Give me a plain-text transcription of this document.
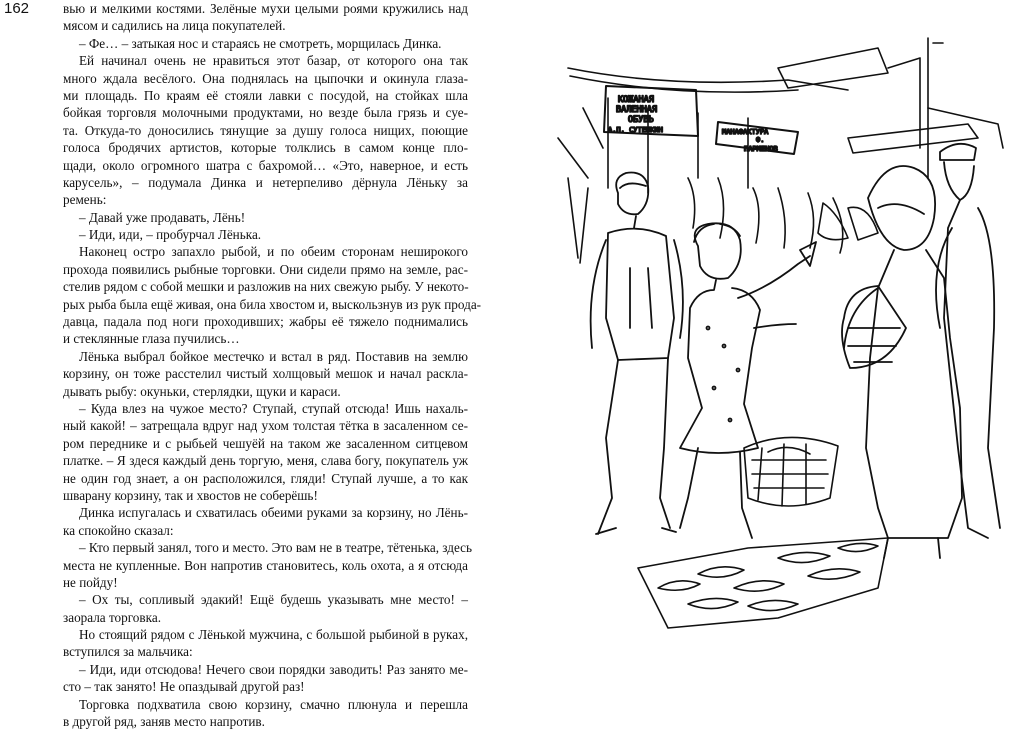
162	вью и мелкими костями. Зелёные мухи целыми роями кружились над
мясом и садились на лица покупателей.
– Фе… – затыкая нос и стараясь не смотреть, морщилась Динка.
Ей начинал очень не нравиться этот базар, от которого она так
много ждала весёлого. Она поднялась на цыпочки и окинула глаза-
ми площадь. По краям её стояли лавки с посудой, на стойках шла
бойкая торговля молочными продуктами, но везде была грязь и суе-
та. Откуда-то доносились тянущие за душу голоса нищих, поющие
голоса бродячих артистов, которые толклись в самом конце пло-
щади, около огромного шатра с бахромой… «Это, наверное, и есть
карусель», – подумала Динка и нетерпеливо дёрнула Лёньку за
ремень:
– Давай уже продавать, Лёнь!
– Иди, иди, – пробурчал Лёнька.
Наконец остро запахло рыбой, и по обеим сторонам неширокого
прохода появились рыбные торговки. Они сидели прямо на земле, рас-
стелив рядом с собой мешки и разложив на них свежую рыбу. У некото-
рых рыба была ещё живая, она била хвостом и, выскользнув из рук прода-
давца, падала под ноги проходивших; жабры её тяжело поднимались
и стеклянные глаза пучились…
Лёнька выбрал бойкое местечко и встал в ряд. Поставив на землю
корзину, он тоже расстелил чистый холщовый мешок и начал раскла-
дывать рыбу: окуньки, стерлядки, щуки и караси.
– Куда влез на чужое место? Ступай, ступай отсюда! Ишь нахаль-
ный какой! – затрещала вдруг над ухом толстая тётка в засаленном се-
ром переднике и с рыбьей чешуёй на таком же засаленном ситцевом
платке. – Я здеся каждый день торгую, меня, слава богу, покупатель уж
не один год знает, а он расположился, гляди! Ступай лучше, а то как
шварану корзину, так и хвостов не соберёшь!
Динка испугалась и схватилась обеими руками за корзину, но Лёнь-
ка спокойно сказал:
– Кто первый занял, того и место. Это вам не в театре, тётенька, здесь
места не купленные. Вон напротив становитесь, коль охота, а я отсюда
не пойду!
– Ох ты, сопливый эдакий! Ещё будешь указывать мне место! –
заорала торговка.
Но стоящий рядом с Лёнькой мужчина, с большой рыбиной в руках,
вступился за мальчика:
– Иди, иди отсюдова! Нечего свои порядки заводить! Раз занято ме-
сто – так занято! Не опаздывай другой раз!
Торговка подхватила свою корзину, смачно плюнула и перешла
в другой ряд, заняв место напротив.
КОЖАНАЯ
ВАЛЕННАЯ
ОБУВЬ
А.П. СУТЕНКИН	МАНАФАКТУРА
Ф.
ПАРМЕНОВ
